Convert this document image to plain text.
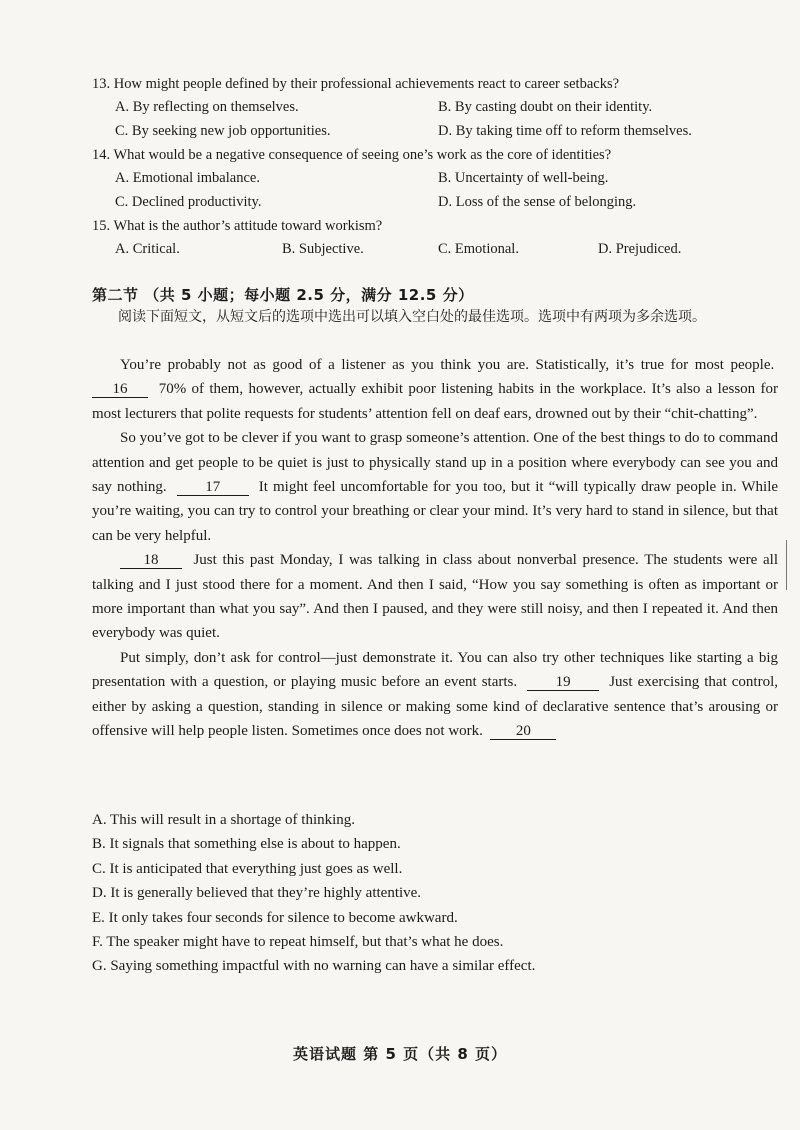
13. How might people defined by their professional achievements react to career setbacks?
A. By reflecting on themselves.	B. By casting doubt on their identity.
C. By seeking new job opportunities.	D. By taking time off to reform themselves.
14. What would be a negative consequence of seeing one’s work as the core of identities?
A. Emotional imbalance.	B. Uncertainty of well-being.
C. Declined productivity.	D. Loss of the sense of belonging.
15. What is the author’s attitude toward workism?
A. Critical.	B. Subjective.	C. Emotional.	D. Prejudiced.
第二节 （共 5 小题；每小题 2.5 分，满分 12.5 分）
阅读下面短文，从短文后的选项中选出可以填入空白处的最佳选项。选项中有两项为多余选项。

You’re probably not as good of a listener as you think you are. Statistically, it’s true for most people.  16 70% of them, however, actually exhibit poor listening habits in the workplace. It’s also a lesson for most lecturers that polite requests for students’ attention fell on deaf ears, drowned out by their “chit-chatting”.

So you’ve got to be clever if you want to grasp someone’s attention. One of the best things to do to command attention and get people to be quiet is just to physically stand up in a position where everybody can see you and say nothing.	17	It might feel uncomfortable for you too, but it “will typically draw people in. While you’re waiting, you can try to control your breathing or clear your mind. It’s very hard to stand in silence, but that can be very helpful.

18 Just this past Monday, I was talking in class about nonverbal presence. The students were all talking and I just stood there for a moment. And then I said, “How you say something is often as important or more important than what you say”. And then I paused, and they were still noisy, and then I repeated it. And then everybody was quiet.

Put simply, don’t ask for control—just demonstrate it. You can also try other techniques like starting a big presentation with a question, or playing music before an event starts.	19	Just exercising that control, either by asking a question, standing in silence or making some kind of declarative sentence that’s arousing or offensive will help people listen. Sometimes once does not work. 20

A. This will result in a shortage of thinking.
B. It signals that something else is about to happen.
C. It is anticipated that everything just goes as well.
D. It is generally believed that they’re highly attentive.
E. It only takes four seconds for silence to become awkward.
F. The speaker might have to repeat himself, but that’s what he does.
G. Saying something impactful with no warning can have a similar effect.
英语试题 第 5 页（共 8 页）
